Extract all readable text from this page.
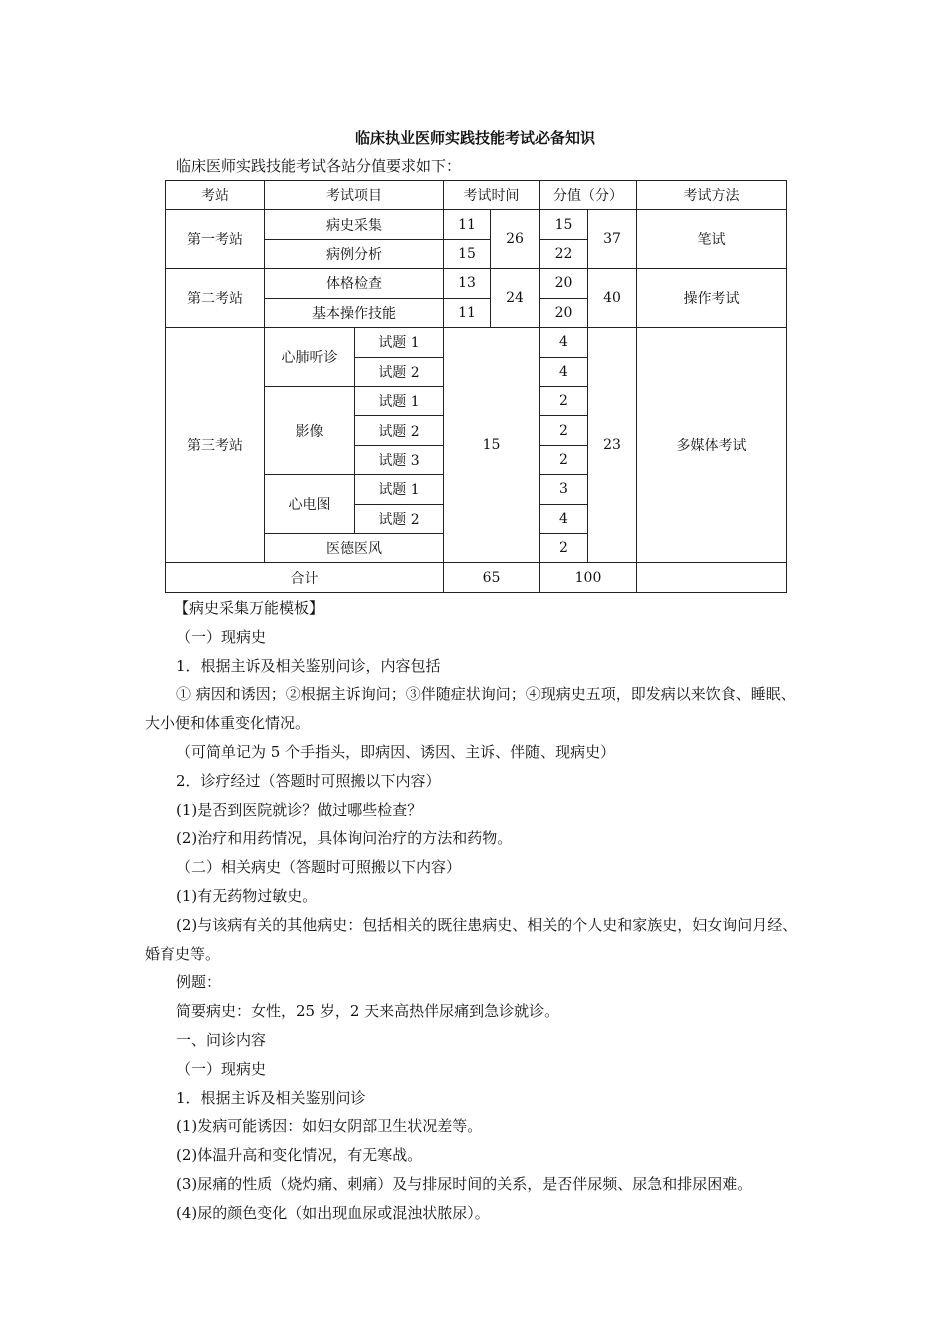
临床执业医师实践技能考试必备知识
临床医师实践技能考试各站分值要求如下：
考站	考试项目		考试时间		分值（分）		考试方法
第一考站	病史采集		11	26	15	37	笔试
	病例分析		15		22		
第二考站	体格检查		13	24	20	40	操作考试
	基本操作技能		11		20		
第三考站	心肺听诊	试题 1	15		4	23	多媒体考试
		试题 2			4		
	影像	试题 1			2		
		试题 2			2		
		试题 3			2		
	心电图	试题 1			3		
		试题 2			4		
	医德医风				2		
合计			65		100		

【病史采集万能模板】

（一）现病史

1．根据主诉及相关鉴别问诊，内容包括

① 病因和诱因；②根据主诉询问；③伴随症状询问；④现病史五项，即发病以来饮食、睡眠、大小便和体重变化情况。

（可简单记为 5 个手指头，即病因、诱因、主诉、伴随、现病史）

2．诊疗经过（答题时可照搬以下内容）

(1)是否到医院就诊？做过哪些检查？

(2)治疗和用药情况，具体询问治疗的方法和药物。

（二）相关病史（答题时可照搬以下内容）

(1)有无药物过敏史。

(2)与该病有关的其他病史：包括相关的既往患病史、相关的个人史和家族史，妇女询问月经、婚育史等。

例题：

简要病史：女性，25 岁，2 天来高热伴尿痛到急诊就诊。

一、问诊内容

（一）现病史

1．根据主诉及相关鉴别问诊

(1)发病可能诱因：如妇女阴部卫生状况差等。

(2)体温升高和变化情况，有无寒战。

(3)尿痛的性质（烧灼痛、刺痛）及与排尿时间的关系，是否伴尿频、尿急和排尿困难。

(4)尿的颜色变化（如出现血尿或混浊状脓尿）。
